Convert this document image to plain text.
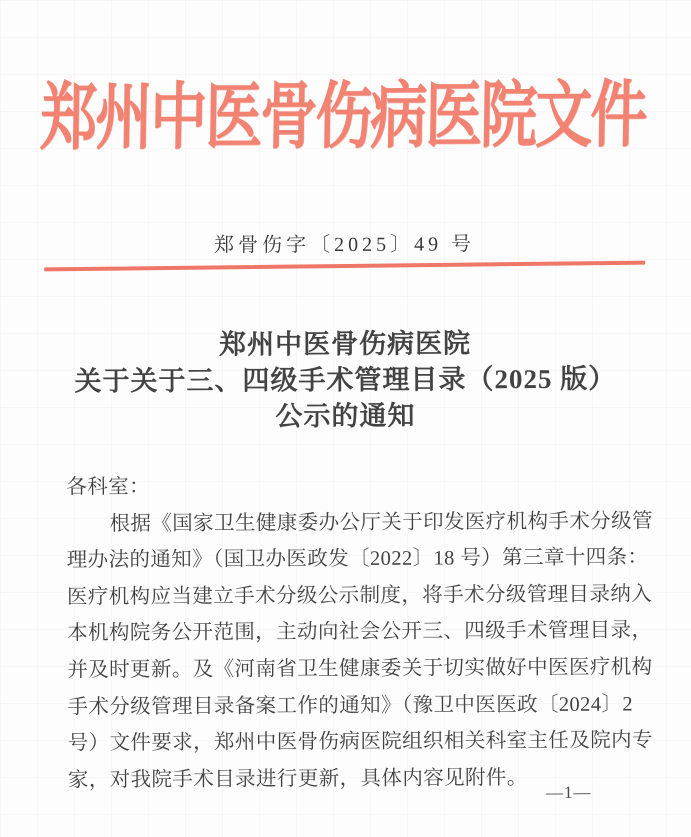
郑州中医骨伤病医院文件
郑骨伤字〔2025〕49 号
郑州中医骨伤病医院
关于关于三、四级手术管理目录（2025 版）
公示的通知
各科室：
根据《国家卫生健康委办公厅关于印发医疗机构手术分级管
理办法的通知》（国卫办医政发〔2022〕18 号）第三章十四条：
医疗机构应当建立手术分级公示制度，将手术分级管理目录纳入
本机构院务公开范围，主动向社会公开三、四级手术管理目录，
并及时更新。及《河南省卫生健康委关于切实做好中医医疗机构
手术分级管理目录备案工作的通知》（豫卫中医医政〔2024〕2
号）文件要求，郑州中医骨伤病医院组织相关科室主任及院内专
家，对我院手术目录进行更新，具体内容见附件。
—1—
